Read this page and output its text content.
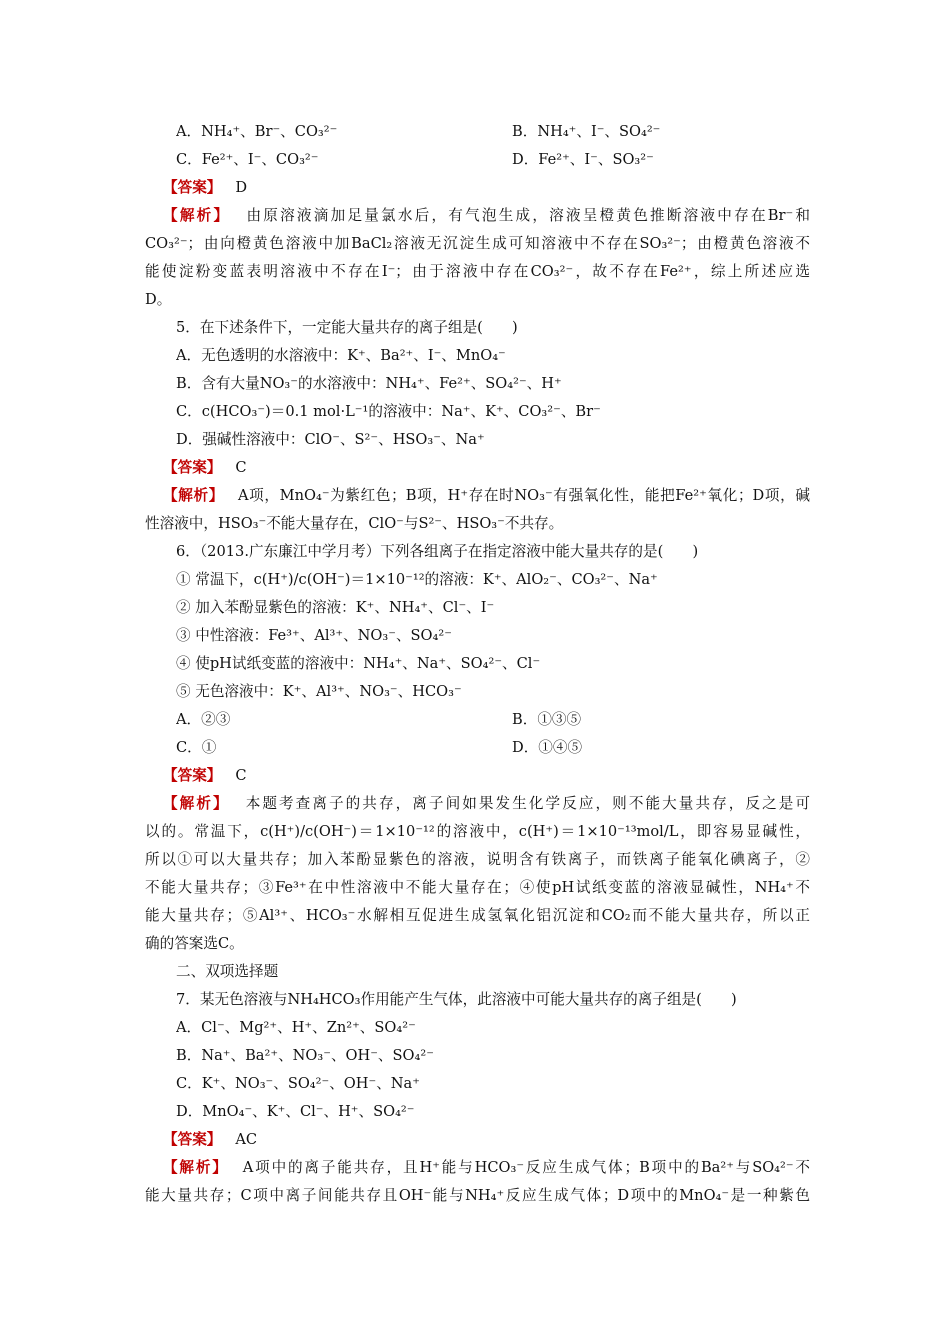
A．NH₄⁺、Br⁻、CO₃²⁻	B．NH₄⁺、I⁻、SO₄²⁻
C．Fe²⁺、I⁻、CO₃²⁻	D．Fe²⁺、I⁻、SO₃²⁻
【答案】 D
【解析】 由原溶液滴加足量氯水后，有气泡生成，溶液呈橙黄色推断溶液中存在Br⁻和
CO₃²⁻；由向橙黄色溶液中加BaCl₂溶液无沉淀生成可知溶液中不存在SO₃²⁻；由橙黄色溶液不
能使淀粉变蓝表明溶液中不存在I⁻；由于溶液中存在CO₃²⁻，故不存在Fe²⁺，综上所述应选
D。
5．在下述条件下，一定能大量共存的离子组是(　　)
A．无色透明的水溶液中：K⁺、Ba²⁺、I⁻、MnO₄⁻
B．含有大量NO₃⁻的水溶液中：NH₄⁺、Fe²⁺、SO₄²⁻、H⁺
C．c(HCO₃⁻)＝0.1 mol·L⁻¹的溶液中：Na⁺、K⁺、CO₃²⁻、Br⁻
D．强碱性溶液中：ClO⁻、S²⁻、HSO₃⁻、Na⁺
【答案】 C
【解析】 A项，MnO₄⁻为紫红色；B项，H⁺存在时NO₃⁻有强氧化性，能把Fe²⁺氧化；D项，碱
性溶液中，HSO₃⁻不能大量存在，ClO⁻与S²⁻、HSO₃⁻不共存。
6．（2013.广东廉江中学月考）下列各组离子在指定溶液中能大量共存的是(　　)
① 常温下，c(H⁺)/c(OH⁻)＝1×10⁻¹²的溶液：K⁺、AlO₂⁻、CO₃²⁻、Na⁺
② 加入苯酚显紫色的溶液：K⁺、NH₄⁺、Cl⁻、I⁻
③ 中性溶液：Fe³⁺、Al³⁺、NO₃⁻、SO₄²⁻
④ 使pH试纸变蓝的溶液中：NH₄⁺、Na⁺、SO₄²⁻、Cl⁻
⑤ 无色溶液中：K⁺、Al³⁺、NO₃⁻、HCO₃⁻
A．②③	B．①③⑤
C．①	D．①④⑤
【答案】 C
【解析】 本题考查离子的共存，离子间如果发生化学反应，则不能大量共存，反之是可
以的。常温下，c(H⁺)/c(OH⁻)＝1×10⁻¹²的溶液中，c(H⁺)＝1×10⁻¹³mol/L，即容易显碱性，
所以①可以大量共存；加入苯酚显紫色的溶液，说明含有铁离子，而铁离子能氧化碘离子，②
不能大量共存；③Fe³⁺在中性溶液中不能大量存在；④使pH试纸变蓝的溶液显碱性，NH₄⁺不
能大量共存；⑤Al³⁺、HCO₃⁻水解相互促进生成氢氧化铝沉淀和CO₂而不能大量共存，所以正
确的答案选C。
二、双项选择题
7．某无色溶液与NH₄HCO₃作用能产生气体，此溶液中可能大量共存的离子组是(　　)
A．Cl⁻、Mg²⁺、H⁺、Zn²⁺、SO₄²⁻
B．Na⁺、Ba²⁺、NO₃⁻、OH⁻、SO₄²⁻
C．K⁺、NO₃⁻、SO₄²⁻、OH⁻、Na⁺
D．MnO₄⁻、K⁺、Cl⁻、H⁺、SO₄²⁻
【答案】 AC
【解析】 A项中的离子能共存，且H⁺能与HCO₃⁻反应生成气体；B项中的Ba²⁺与SO₄²⁻不
能大量共存；C项中离子间能共存且OH⁻能与NH₄⁺反应生成气体；D项中的MnO₄⁻是一种紫色
